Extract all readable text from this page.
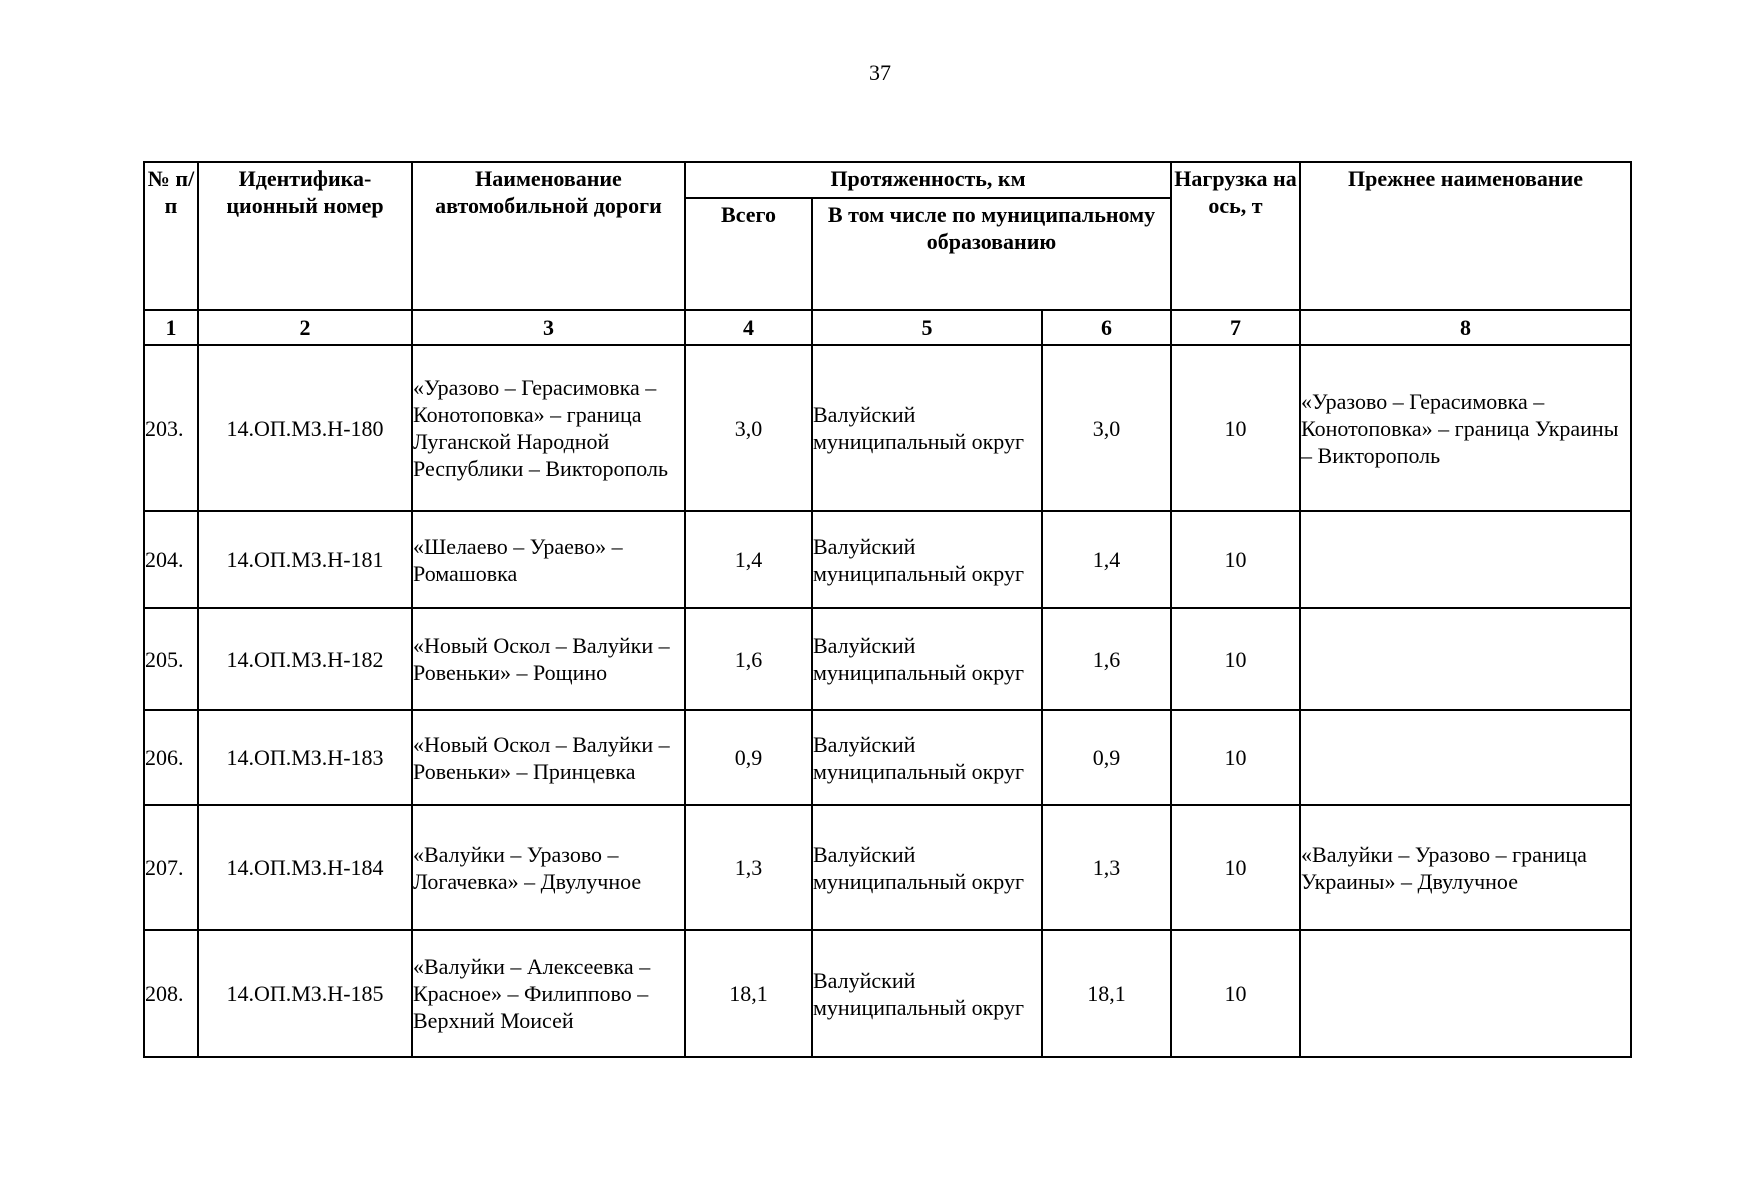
37
№ п/п	Идентифика-ционный номер	Наименование автомобильной дороги	Протяженность, км			Нагрузка на ось, т	Прежнее наименование
			Всего	В том числе по муниципальному образованию			
1	2	3	4	5	6	7	8
203.	14.ОП.МЗ.Н-180	«Уразово – Герасимовка – Конотоповка» – граница Луганской Народной Республики – Викторополь	3,0	Валуйский муниципальный округ	3,0	10	«Уразово – Герасимовка – Конотоповка» – граница Украины – Викторополь
204.	14.ОП.МЗ.Н-181	«Шелаево – Ураево» – Ромашовка	1,4	Валуйский муниципальный округ	1,4	10	
205.	14.ОП.МЗ.Н-182	«Новый Оскол – Валуйки – Ровеньки» – Рощино	1,6	Валуйский муниципальный округ	1,6	10	
206.	14.ОП.МЗ.Н-183	«Новый Оскол – Валуйки – Ровеньки» – Принцевка	0,9	Валуйский муниципальный округ	0,9	10	
207.	14.ОП.МЗ.Н-184	«Валуйки – Уразово – Логачевка» – Двулучное	1,3	Валуйский муниципальный округ	1,3	10	«Валуйки – Уразово – граница Украины» – Двулучное
208.	14.ОП.МЗ.Н-185	«Валуйки – Алексеевка – Красное» – Филиппово – Верхний Моисей	18,1	Валуйский муниципальный округ	18,1	10	
